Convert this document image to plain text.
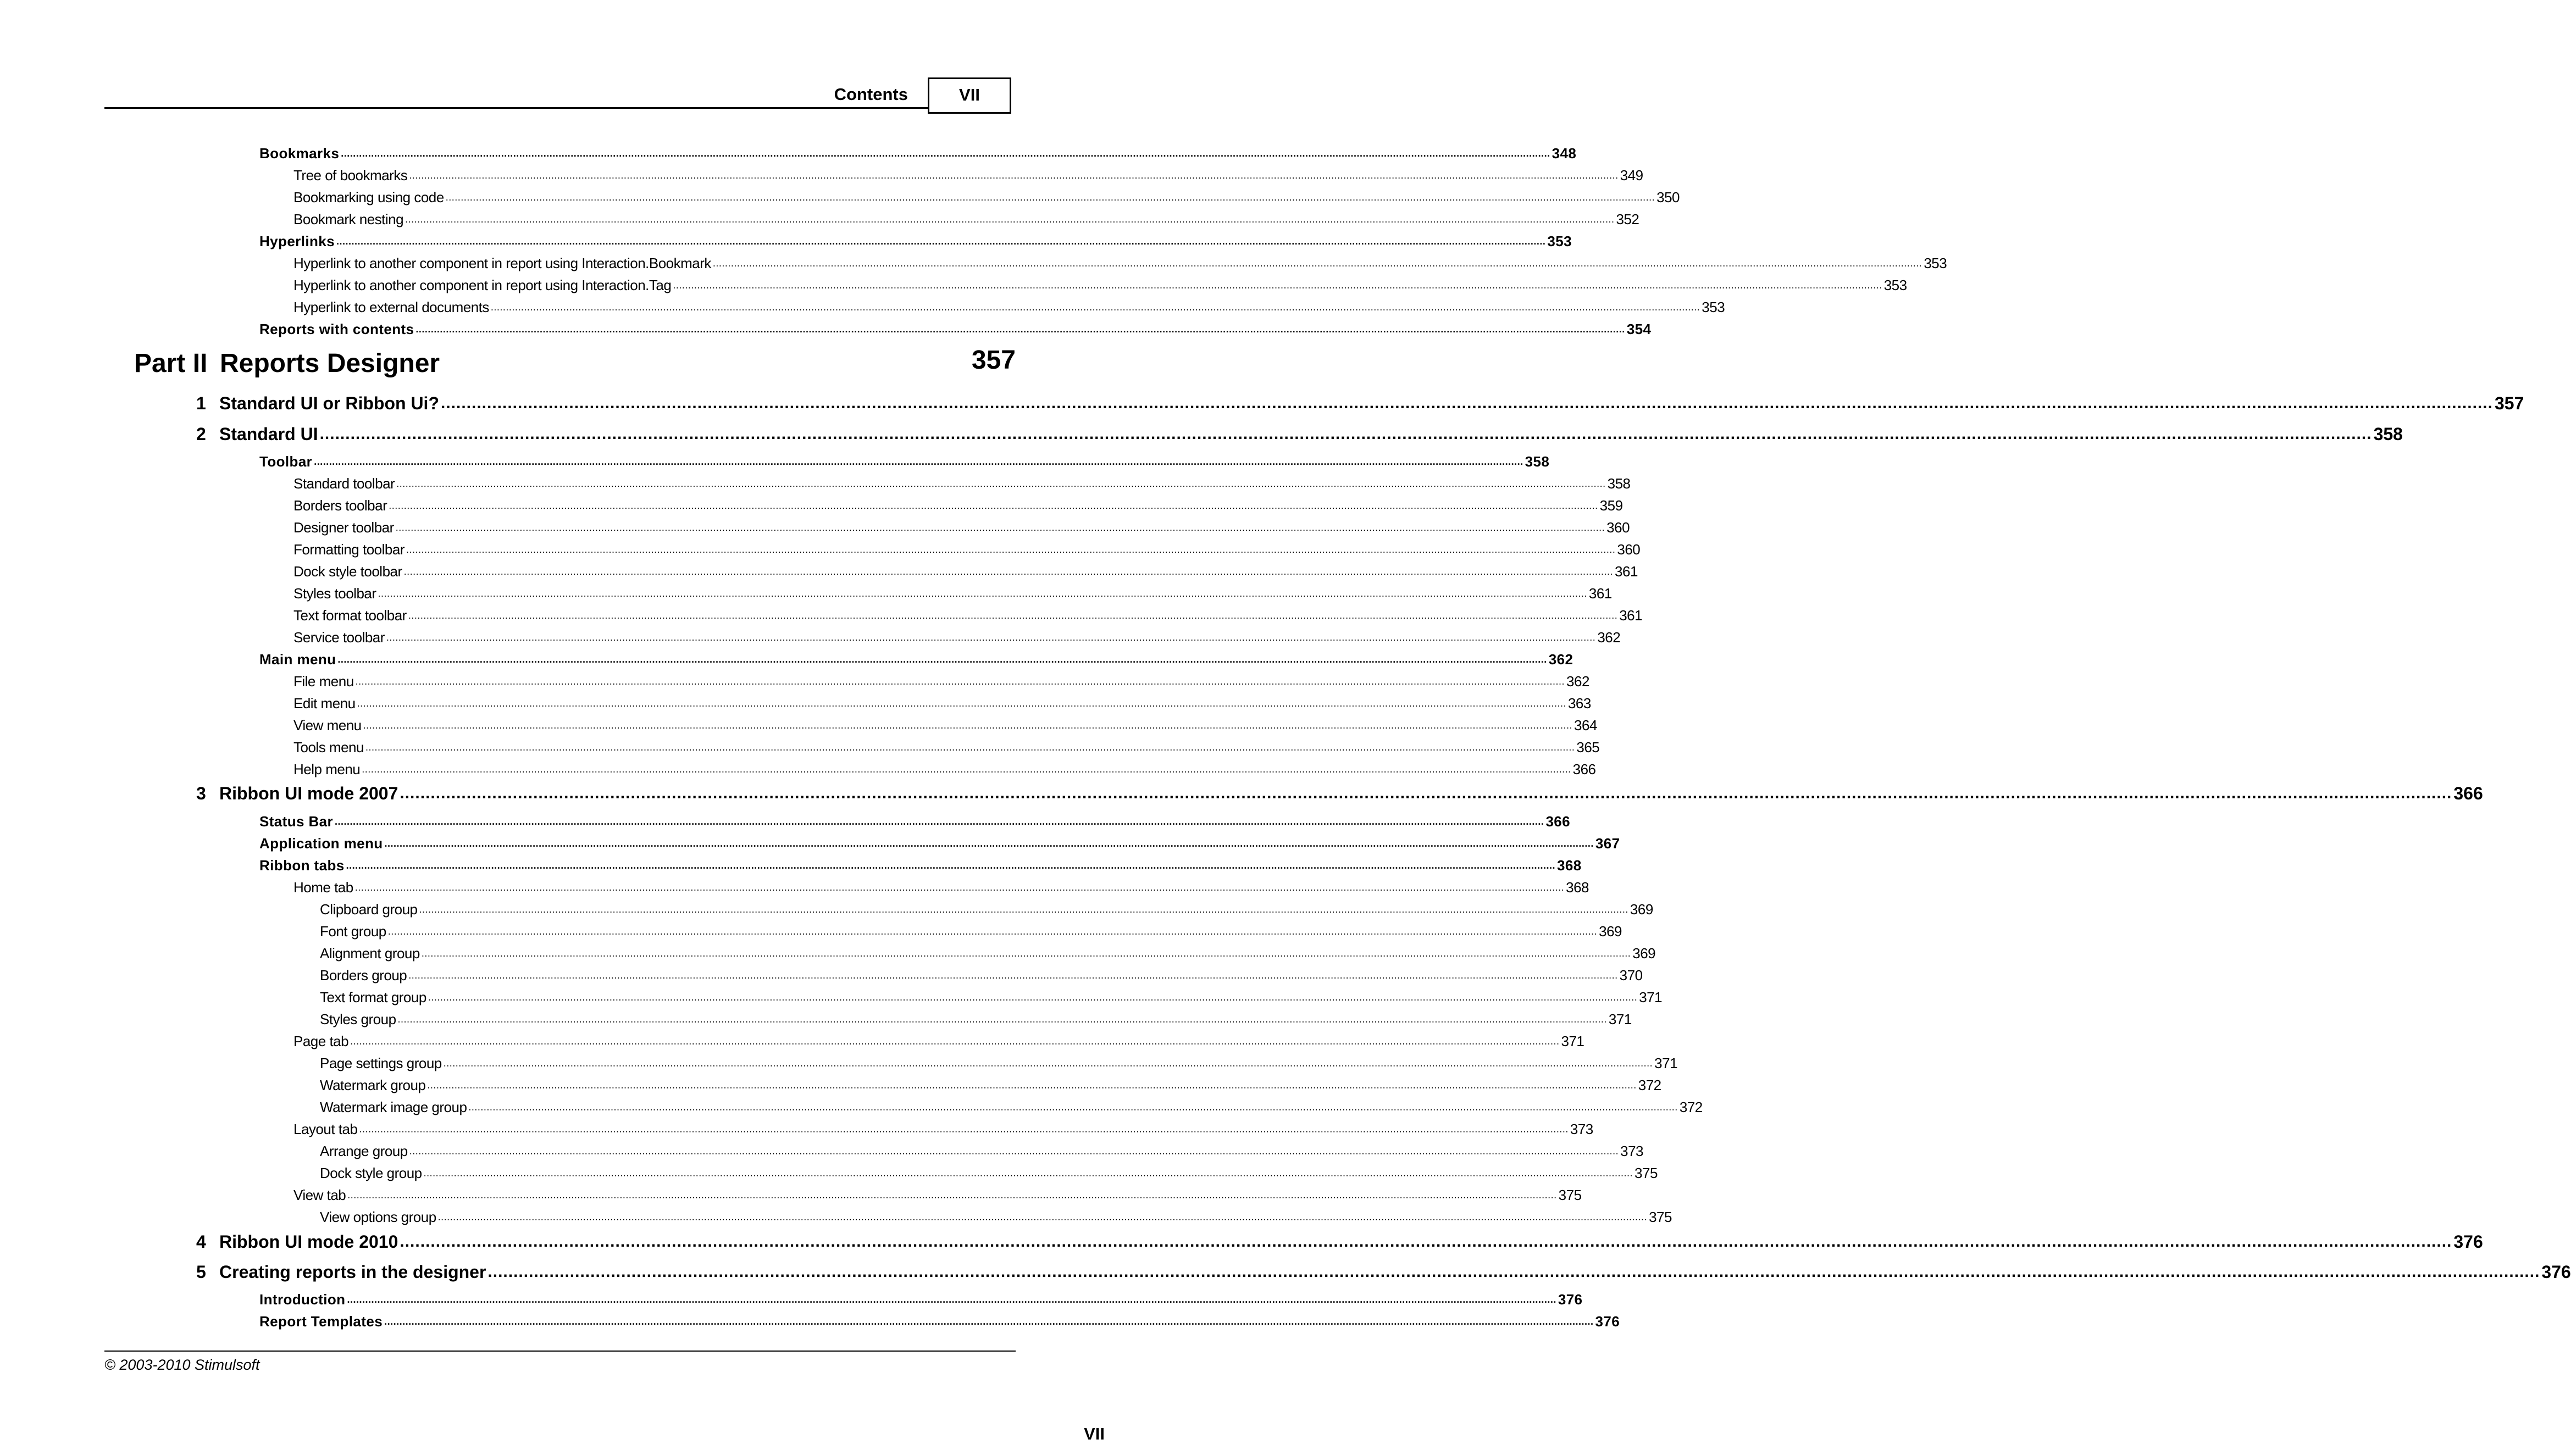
Contents	VII
Part II Reports Designer	357
Bookmarks ................................................................................................................................................................................................................................................................................................................................................................................................................ 348
Tree of bookmarks ................................................................................................................................................................................................................................................................................................................................................................................................................ 349
Bookmarking using code ................................................................................................................................................................................................................................................................................................................................................................................................................ 350
Bookmark nesting ................................................................................................................................................................................................................................................................................................................................................................................................................ 352
Hyperlinks ................................................................................................................................................................................................................................................................................................................................................................................................................ 353
Hyperlink to another component in report using Interaction.Bookmark ................................................................................................................................................................................................................................................................................................................................................................................................................ 353
Hyperlink to another component in report using Interaction.Tag ................................................................................................................................................................................................................................................................................................................................................................................................................ 353
Hyperlink to external documents ................................................................................................................................................................................................................................................................................................................................................................................................................ 353
Reports with contents ................................................................................................................................................................................................................................................................................................................................................................................................................ 354
1 Standard UI or Ribbon Ui? ................................................................................................................................................................................................................................................................................................................................................................................................................ 357
2 Standard UI ................................................................................................................................................................................................................................................................................................................................................................................................................ 358
Toolbar ................................................................................................................................................................................................................................................................................................................................................................................................................ 358
Standard toolbar ................................................................................................................................................................................................................................................................................................................................................................................................................ 358
Borders toolbar ................................................................................................................................................................................................................................................................................................................................................................................................................ 359
Designer toolbar ................................................................................................................................................................................................................................................................................................................................................................................................................ 360
Formatting toolbar ................................................................................................................................................................................................................................................................................................................................................................................................................ 360
Dock style toolbar ................................................................................................................................................................................................................................................................................................................................................................................................................ 361
Styles toolbar ................................................................................................................................................................................................................................................................................................................................................................................................................ 361
Text format toolbar ................................................................................................................................................................................................................................................................................................................................................................................................................ 361
Service toolbar ................................................................................................................................................................................................................................................................................................................................................................................................................ 362
Main menu ................................................................................................................................................................................................................................................................................................................................................................................................................ 362
File menu ................................................................................................................................................................................................................................................................................................................................................................................................................ 362
Edit menu ................................................................................................................................................................................................................................................................................................................................................................................................................ 363
View menu ................................................................................................................................................................................................................................................................................................................................................................................................................ 364
Tools menu ................................................................................................................................................................................................................................................................................................................................................................................................................ 365
Help menu ................................................................................................................................................................................................................................................................................................................................................................................................................ 366
3 Ribbon UI mode 2007 ................................................................................................................................................................................................................................................................................................................................................................................................................ 366
Status Bar ................................................................................................................................................................................................................................................................................................................................................................................................................ 366
Application menu ................................................................................................................................................................................................................................................................................................................................................................................................................ 367
Ribbon tabs ................................................................................................................................................................................................................................................................................................................................................................................................................ 368
Home tab ................................................................................................................................................................................................................................................................................................................................................................................................................ 368
Clipboard group ................................................................................................................................................................................................................................................................................................................................................................................................................ 369
Font group ................................................................................................................................................................................................................................................................................................................................................................................................................ 369
Alignment group ................................................................................................................................................................................................................................................................................................................................................................................................................ 369
Borders group ................................................................................................................................................................................................................................................................................................................................................................................................................ 370
Text format group ................................................................................................................................................................................................................................................................................................................................................................................................................ 371
Styles group ................................................................................................................................................................................................................................................................................................................................................................................................................ 371
Page tab ................................................................................................................................................................................................................................................................................................................................................................................................................ 371
Page settings group ................................................................................................................................................................................................................................................................................................................................................................................................................ 371
Watermark group ................................................................................................................................................................................................................................................................................................................................................................................................................ 372
Watermark image group ................................................................................................................................................................................................................................................................................................................................................................................................................ 372
Layout tab ................................................................................................................................................................................................................................................................................................................................................................................................................ 373
Arrange group ................................................................................................................................................................................................................................................................................................................................................................................................................ 373
Dock style group ................................................................................................................................................................................................................................................................................................................................................................................................................ 375
View tab ................................................................................................................................................................................................................................................................................................................................................................................................................ 375
View options group ................................................................................................................................................................................................................................................................................................................................................................................................................ 375
4 Ribbon UI mode 2010 ................................................................................................................................................................................................................................................................................................................................................................................................................ 376
5 Creating reports in the designer ................................................................................................................................................................................................................................................................................................................................................................................................................ 376
Introduction ................................................................................................................................................................................................................................................................................................................................................................................................................ 376
Report Templates ................................................................................................................................................................................................................................................................................................................................................................................................................ 376
© 2003-2010 Stimulsoft
VII
